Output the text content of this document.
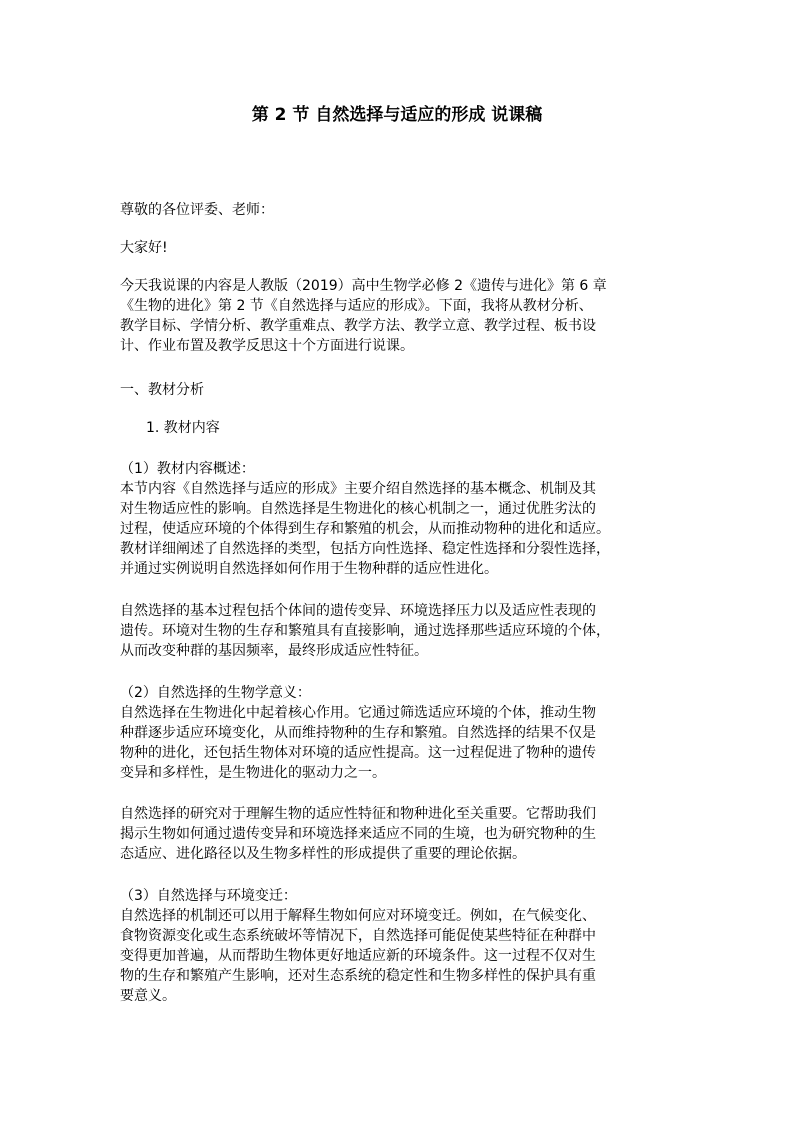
第 2 节 自然选择与适应的形成 说课稿

尊敬的各位评委、老师：

大家好!

今天我说课的内容是人教版（2019）高中生物学必修 2《遗传与进化》第 6 章
《生物的进化》第 2 节《自然选择与适应的形成》。下面，我将从教材分析、
教学目标、学情分析、教学重难点、教学方法、教学立意、教学过程、板书设
计、作业布置及教学反思这十个方面进行说课。

一、教材分析

1. 教材内容

（1）教材内容概述：

本节内容《自然选择与适应的形成》主要介绍自然选择的基本概念、机制及其
对生物适应性的影响。自然选择是生物进化的核心机制之一，通过优胜劣汰的
过程，使适应环境的个体得到生存和繁殖的机会，从而推动物种的进化和适应。
教材详细阐述了自然选择的类型，包括方向性选择、稳定性选择和分裂性选择，
并通过实例说明自然选择如何作用于生物种群的适应性进化。
自然选择的基本过程包括个体间的遗传变异、环境选择压力以及适应性表现的
遗传。环境对生物的生存和繁殖具有直接影响，通过选择那些适应环境的个体，
从而改变种群的基因频率，最终形成适应性特征。

（2）自然选择的生物学意义：

自然选择在生物进化中起着核心作用。它通过筛选适应环境的个体，推动生物
种群逐步适应环境变化，从而维持物种的生存和繁殖。自然选择的结果不仅是
物种的进化，还包括生物体对环境的适应性提高。这一过程促进了物种的遗传
变异和多样性，是生物进化的驱动力之一。
自然选择的研究对于理解生物的适应性特征和物种进化至关重要。它帮助我们
揭示生物如何通过遗传变异和环境选择来适应不同的生境，也为研究物种的生
态适应、进化路径以及生物多样性的形成提供了重要的理论依据。

（3）自然选择与环境变迁：

自然选择的机制还可以用于解释生物如何应对环境变迁。例如，在气候变化、
食物资源变化或生态系统破坏等情况下，自然选择可能促使某些特征在种群中
变得更加普遍，从而帮助生物体更好地适应新的环境条件。这一过程不仅对生
物的生存和繁殖产生影响，还对生态系统的稳定性和生物多样性的保护具有重
要意义。
